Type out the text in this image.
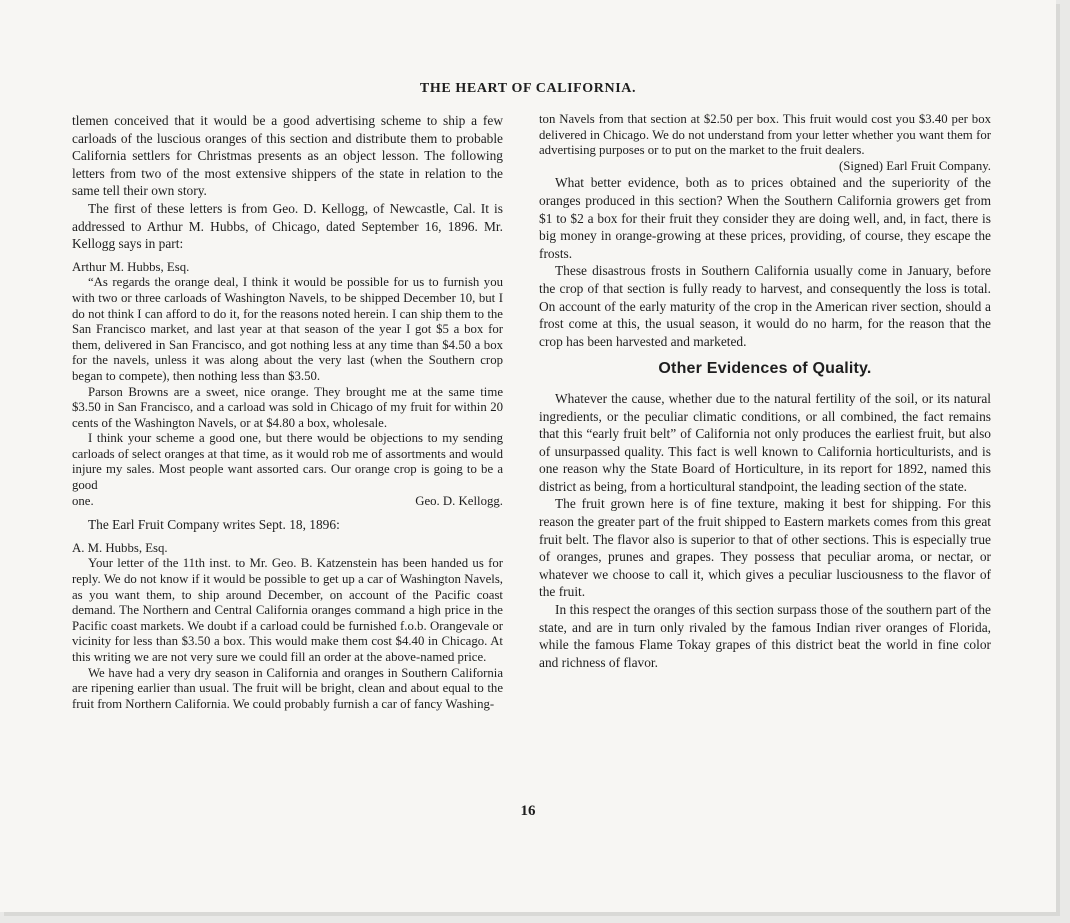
THE HEART OF CALIFORNIA.

tlemen conceived that it would be a good advertising scheme to ship a few carloads of the luscious oranges of this section and distribute them to probable California settlers for Christmas presents as an object lesson. The following letters from two of the most extensive shippers of the state in relation to the same tell their own story.

The first of these letters is from Geo. D. Kellogg, of Newcastle, Cal. It is addressed to Arthur M. Hubbs, of Chicago, dated September 16, 1896. Mr. Kellogg says in part:

Arthur M. Hubbs, Esq.

“As regards the orange deal, I think it would be possible for us to furnish you with two or three carloads of Washington Navels, to be shipped December 10, but I do not think I can afford to do it, for the reasons noted herein. I can ship them to the San Francisco market, and last year at that season of the year I got $5 a box for them, delivered in San Francisco, and got nothing less at any time than $4.50 a box for the navels, unless it was along about the very last (when the Southern crop began to compete), then nothing less than $3.50.

Parson Browns are a sweet, nice orange. They brought me at the same time $3.50 in San Francisco, and a carload was sold in Chicago of my fruit for within 20 cents of the Washington Navels, or at $4.80 a box, wholesale.

I think your scheme a good one, but there would be objections to my sending carloads of select oranges at that time, as it would rob me of assortments and would injure my sales. Most people want assorted cars. Our orange crop is going to be a good

one.	Geo. D. Kellogg.

The Earl Fruit Company writes Sept. 18, 1896:

A. M. Hubbs, Esq.

Your letter of the 11th inst. to Mr. Geo. B. Katzenstein has been handed us for reply. We do not know if it would be possible to get up a car of Washington Navels, as you want them, to ship around December, on account of the Pacific coast demand. The Northern and Central California oranges command a high price in the Pacific coast markets. We doubt if a carload could be furnished f.o.b. Orangevale or vicinity for less than $3.50 a box. This would make them cost $4.40 in Chicago. At this writing we are not very sure we could fill an order at the above-named price.

We have had a very dry season in California and oranges in Southern California are ripening earlier than usual. The fruit will be bright, clean and about equal to the fruit from Northern California. We could probably furnish a car of fancy Washing-

ton Navels from that section at $2.50 per box. This fruit would cost you $3.40 per box delivered in Chicago. We do not understand from your letter whether you want them for advertising purposes or to put on the market to the fruit dealers.

(Signed) Earl Fruit Company.

What better evidence, both as to prices obtained and the superiority of the oranges produced in this section? When the Southern California growers get from $1 to $2 a box for their fruit they consider they are doing well, and, in fact, there is big money in orange-growing at these prices, providing, of course, they escape the frosts.

These disastrous frosts in Southern California usually come in January, before the crop of that section is fully ready to harvest, and consequently the loss is total. On account of the early maturity of the crop in the American river section, should a frost come at this, the usual season, it would do no harm, for the reason that the crop has been harvested and marketed.

Other Evidences of Quality.

Whatever the cause, whether due to the natural fertility of the soil, or its natural ingredients, or the peculiar climatic conditions, or all combined, the fact remains that this “early fruit belt” of California not only produces the earliest fruit, but also of unsurpassed quality. This fact is well known to California horticulturists, and is one reason why the State Board of Horticulture, in its report for 1892, named this district as being, from a horticultural standpoint, the leading section of the state.

The fruit grown here is of fine texture, making it best for shipping. For this reason the greater part of the fruit shipped to Eastern markets comes from this great fruit belt. The flavor also is superior to that of other sections. This is especially true of oranges, prunes and grapes. They possess that peculiar aroma, or nectar, or whatever we choose to call it, which gives a peculiar lusciousness to the flavor of the fruit.

In this respect the oranges of this section surpass those of the southern part of the state, and are in turn only rivaled by the famous Indian river oranges of Florida, while the famous Flame Tokay grapes of this district beat the world in fine color and richness of flavor.

16
